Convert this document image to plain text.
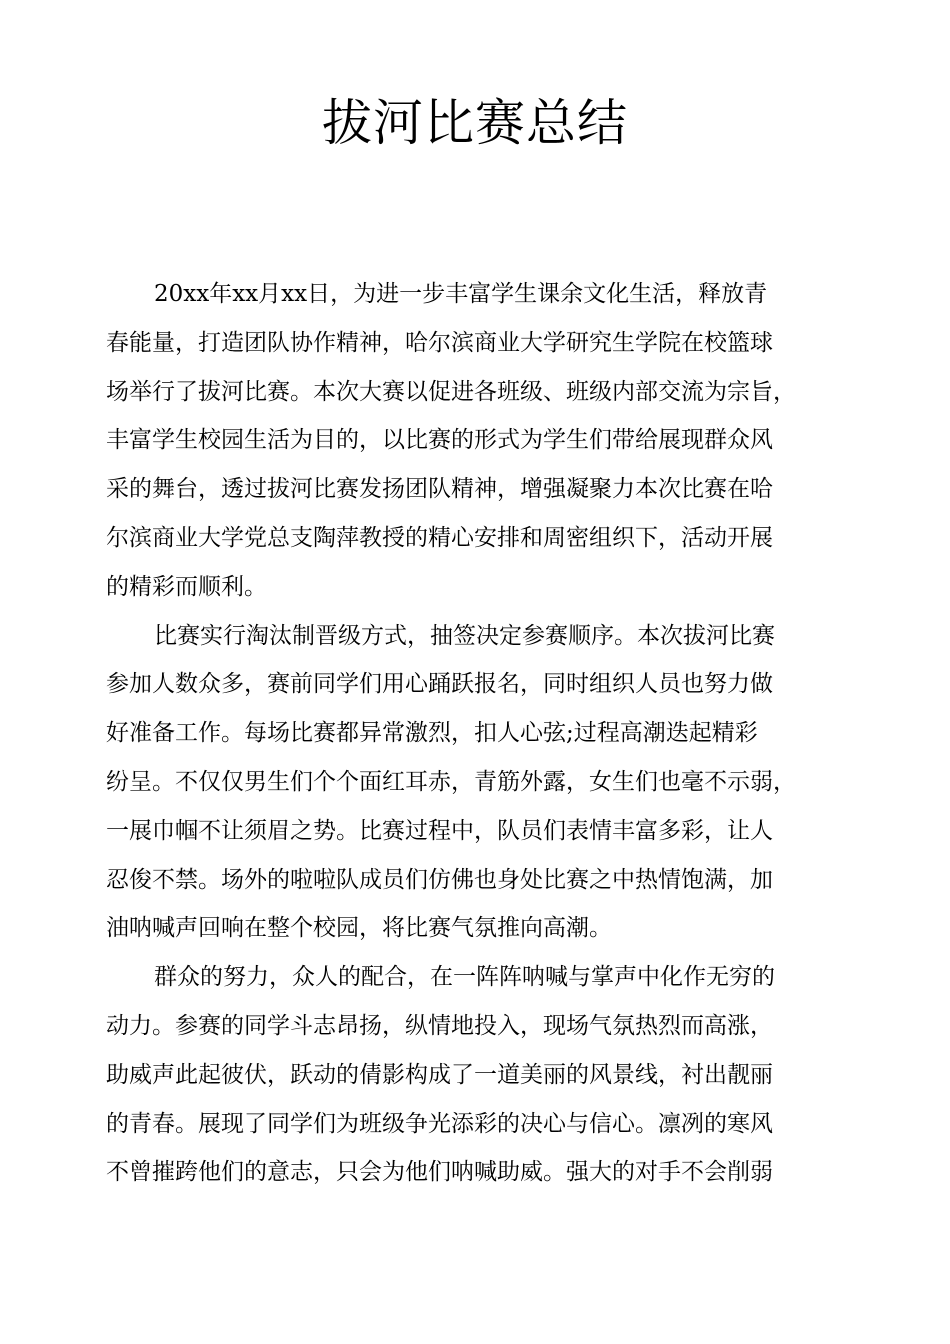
拔河比赛总结
20xx年xx月xx日，为进一步丰富学生课余文化生活，释放青
春能量，打造团队协作精神，哈尔滨商业大学研究生学院在校篮球
场举行了拔河比赛。本次大赛以促进各班级、班级内部交流为宗旨，
丰富学生校园生活为目的，以比赛的形式为学生们带给展现群众风
采的舞台，透过拔河比赛发扬团队精神，增强凝聚力本次比赛在哈
尔滨商业大学党总支陶萍教授的精心安排和周密组织下，活动开展
的精彩而顺利。
比赛实行淘汰制晋级方式，抽签决定参赛顺序。本次拔河比赛
参加人数众多，赛前同学们用心踊跃报名，同时组织人员也努力做
好准备工作。每场比赛都异常激烈，扣人心弦;过程高潮迭起精彩
纷呈。不仅仅男生们个个面红耳赤，青筋外露，女生们也毫不示弱，
一展巾帼不让须眉之势。比赛过程中，队员们表情丰富多彩，让人
忍俊不禁。场外的啦啦队成员们仿佛也身处比赛之中热情饱满，加
油呐喊声回响在整个校园，将比赛气氛推向高潮。
群众的努力，众人的配合，在一阵阵呐喊与掌声中化作无穷的
动力。参赛的同学斗志昂扬，纵情地投入，现场气氛热烈而高涨，
助威声此起彼伏，跃动的倩影构成了一道美丽的风景线，衬出靓丽
的青春。展现了同学们为班级争光添彩的决心与信心。凛冽的寒风
不曾摧跨他们的意志，只会为他们呐喊助威。强大的对手不会削弱
